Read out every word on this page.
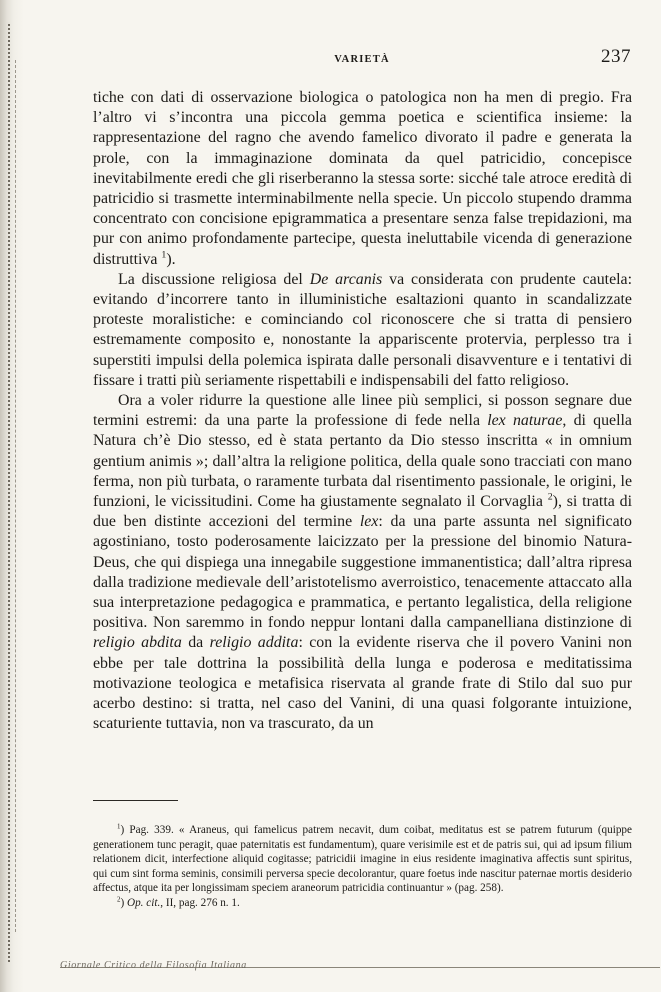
VARIETÀ	237

tiche con dati di osservazione biologica o patologica non ha men di pregio. Fra l’altro vi s’incontra una piccola gemma poetica e scientifica insieme: la rappresentazione del ragno che avendo famelico divorato il padre e generata la prole, con la immaginazione dominata da quel patricidio, concepisce inevitabilmente eredi che gli riserberanno la stessa sorte: sicché tale atroce eredità di patricidio si trasmette interminabilmente nella specie. Un piccolo stupendo dramma concentrato con concisione epigrammatica a presentare senza false trepidazioni, ma pur con animo profondamente partecipe, questa ineluttabile vicenda di generazione distruttiva $^1$).

La discussione religiosa del De arcanis va considerata con prudente cautela: evitando d’incorrere tanto in illuministiche esaltazioni quanto in scandalizzate proteste moralistiche: e cominciando col riconoscere che si tratta di pensiero estremamente composito e, nonostante la appariscente protervia, perplesso tra i superstiti impulsi della polemica ispirata dalle personali disavventure e i tentativi di fissare i tratti più seriamente rispettabili e indispensabili del fatto religioso.

Ora a voler ridurre la questione alle linee più semplici, si posson segnare due termini estremi: da una parte la professione di fede nella lex naturae, di quella Natura ch’è Dio stesso, ed è stata pertanto da Dio stesso inscritta « in omnium gentium animis »; dall’altra la religione politica, della quale sono tracciati con mano ferma, non più turbata, o raramente turbata dal risentimento passionale, le origini, le funzioni, le vicissitudini. Come ha giustamente segnalato il Corvaglia $^2$), si tratta di due ben distinte accezioni del termine lex: da una parte assunta nel significato agostiniano, tosto poderosamente laicizzato per la pressione del binomio Natura-Deus, che qui dispiega una innegabile suggestione immanentistica; dall’altra ripresa dalla tradizione medievale dell’aristotelismo averroistico, tenacemente attaccato alla sua interpretazione pedagogica e prammatica, e pertanto legalistica, della religione positiva. Non saremmo in fondo neppur lontani dalla campanelliana distinzione di religio abdita da religio addita: con la evidente riserva che il povero Vanini non ebbe per tale dottrina la possibilità della lunga e poderosa e meditatissima motivazione teologica e metafisica riservata al grande frate di Stilo dal suo pur acerbo destino: si tratta, nel caso del Vanini, di una quasi folgorante intuizione, scaturiente tuttavia, non va trascurato, da un

$^1$) Pag. 339. « Araneus, qui famelicus patrem necavit, dum coibat, meditatus est se patrem futurum (quippe generationem tunc peragit, quae paternitatis est fundamentum), quare verisimile est et de patris sui, qui ad ipsum filium relationem dicit, interfectione aliquid cogitasse; patricidii imagine in eius residente imaginativa affectis sunt spiritus, qui cum sint forma seminis, consimili perversa specie decolorantur, quare foetus inde nascitur paternae mortis desiderio affectus, atque ita per longissimam speciem araneorum patricidia continuantur » (pag. 258).

$^2$) Op. cit., II, pag. 276 n. 1.

Giornale Critico della Filosofia Italiana
